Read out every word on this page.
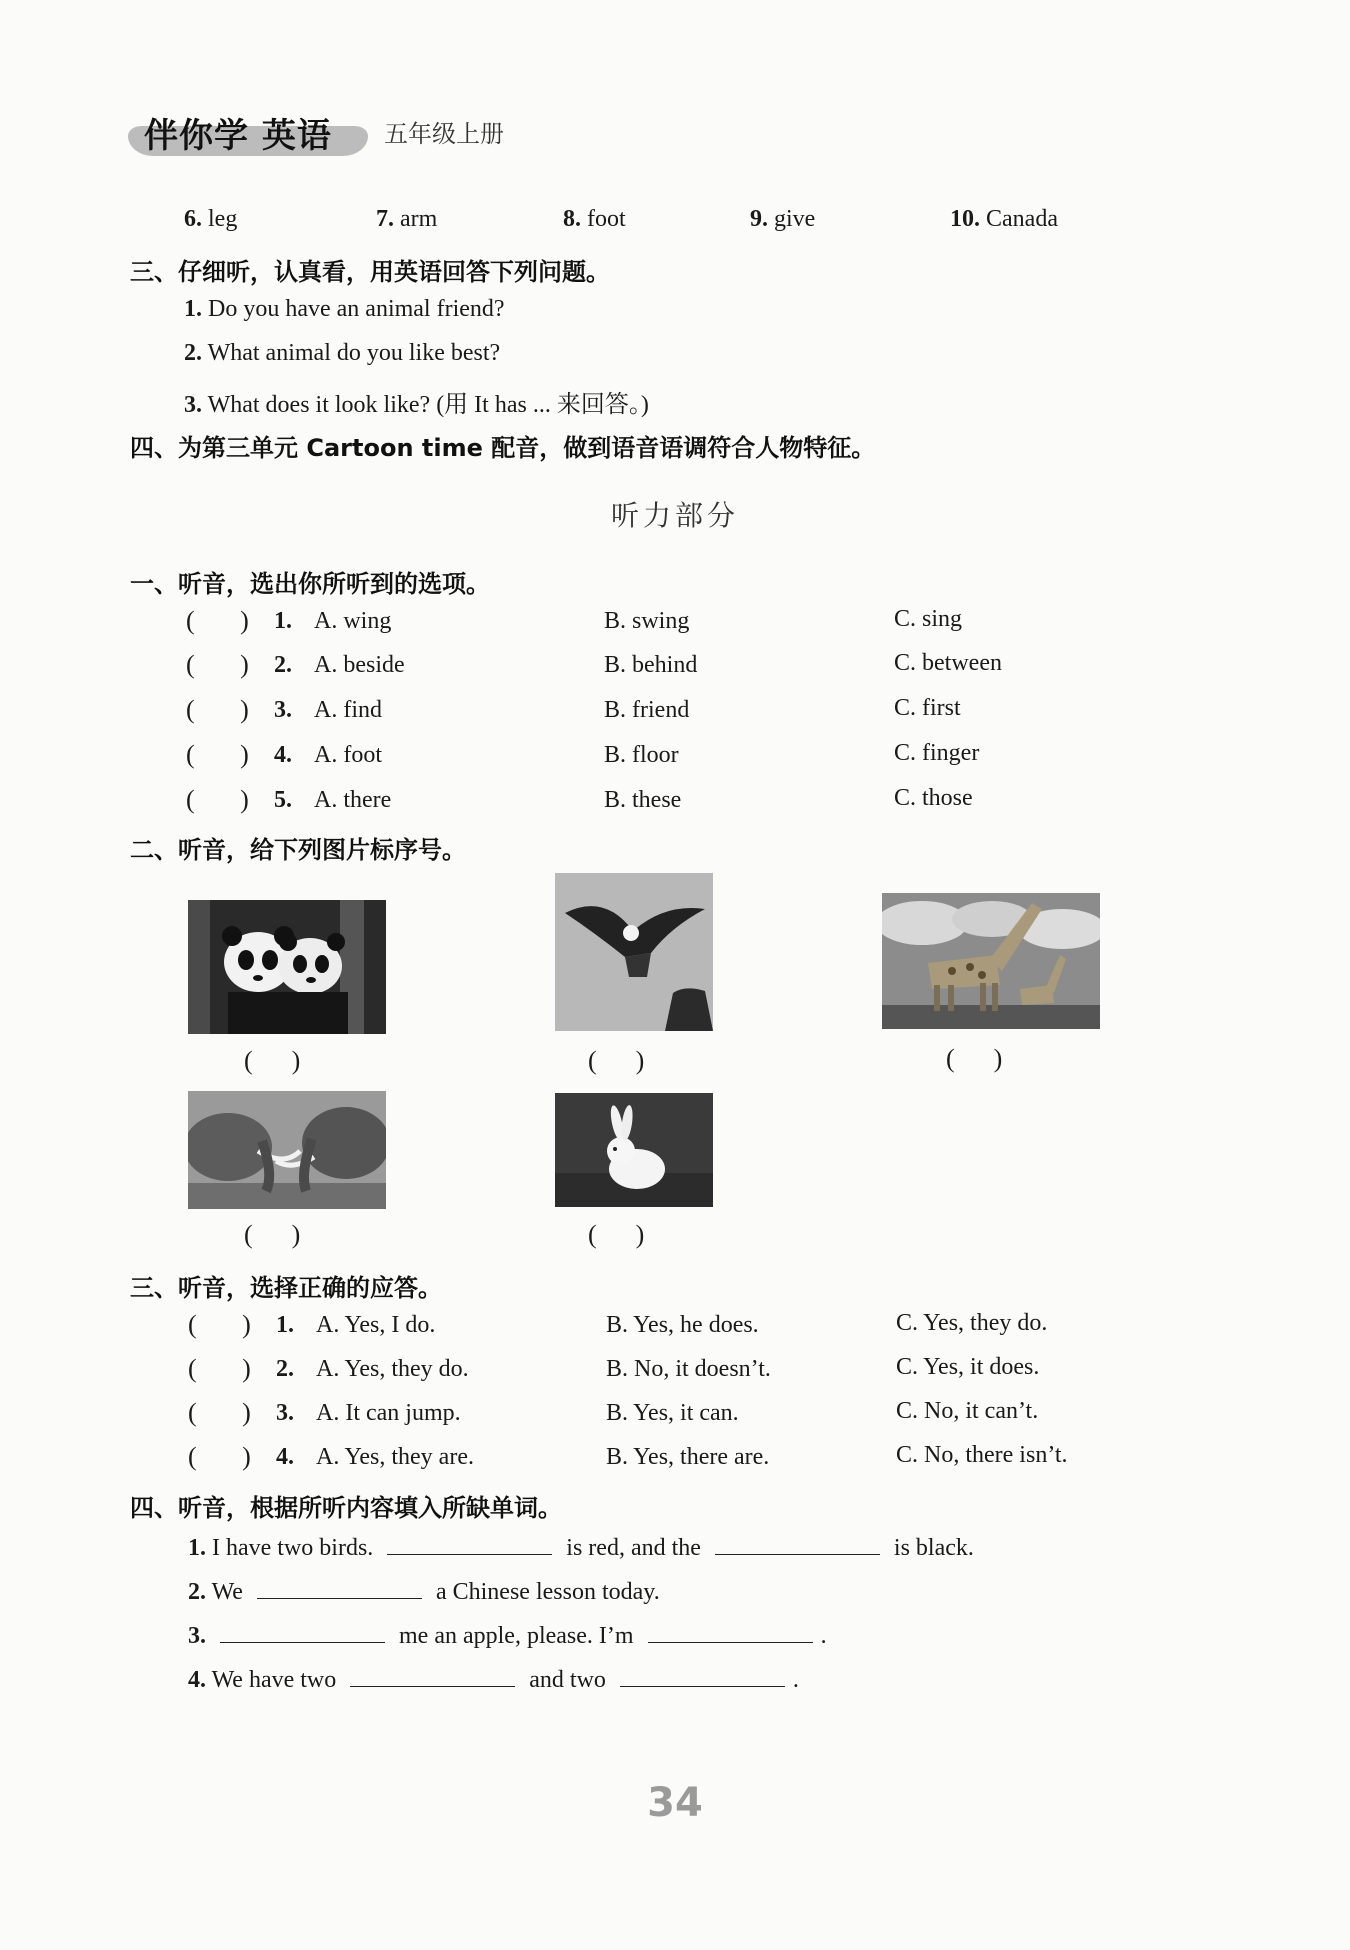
伴你学 英语 五年级上册
6. leg	7. arm	8. foot	9. give	10. Canada
三、仔细听，认真看，用英语回答下列问题。
1. Do you have an animal friend?
2. What animal do you like best?
3. What does it look like? (用 It has ... 来回答。)
四、为第三单元 Cartoon time 配音，做到语音语调符合人物特征。
听力部分
一、听音，选出你所听到的选项。
(       ) 1. A. wing	B. swing	C. sing
(       ) 2. A. beside	B. behind	C. between
(       ) 3. A. find	B. friend	C. first
(       ) 4. A. foot	B. floor	C. finger
(       ) 5. A. there	B. these	C. those
二、听音，给下列图片标序号。
(      )	(      )	(      )
(      )	(      )
三、听音，选择正确的应答。
(       ) 1. A. Yes, I do.	B. Yes, he does.	C. Yes, they do.
(       ) 2. A. Yes, they do.	B. No, it doesn’t.	C. Yes, it does.
(       ) 3. A. It can jump.	B. Yes, it can.	C. No, it can’t.
(       ) 4. A. Yes, they are.	B. Yes, there are.	C. No, there isn’t.
四、听音，根据所听内容填入所缺单词。
1. I have two birds.	is red, and the	is black.
2. We	a Chinese lesson today.
3.	me an apple, please. I’m	.
4. We have two	and two	.
34
